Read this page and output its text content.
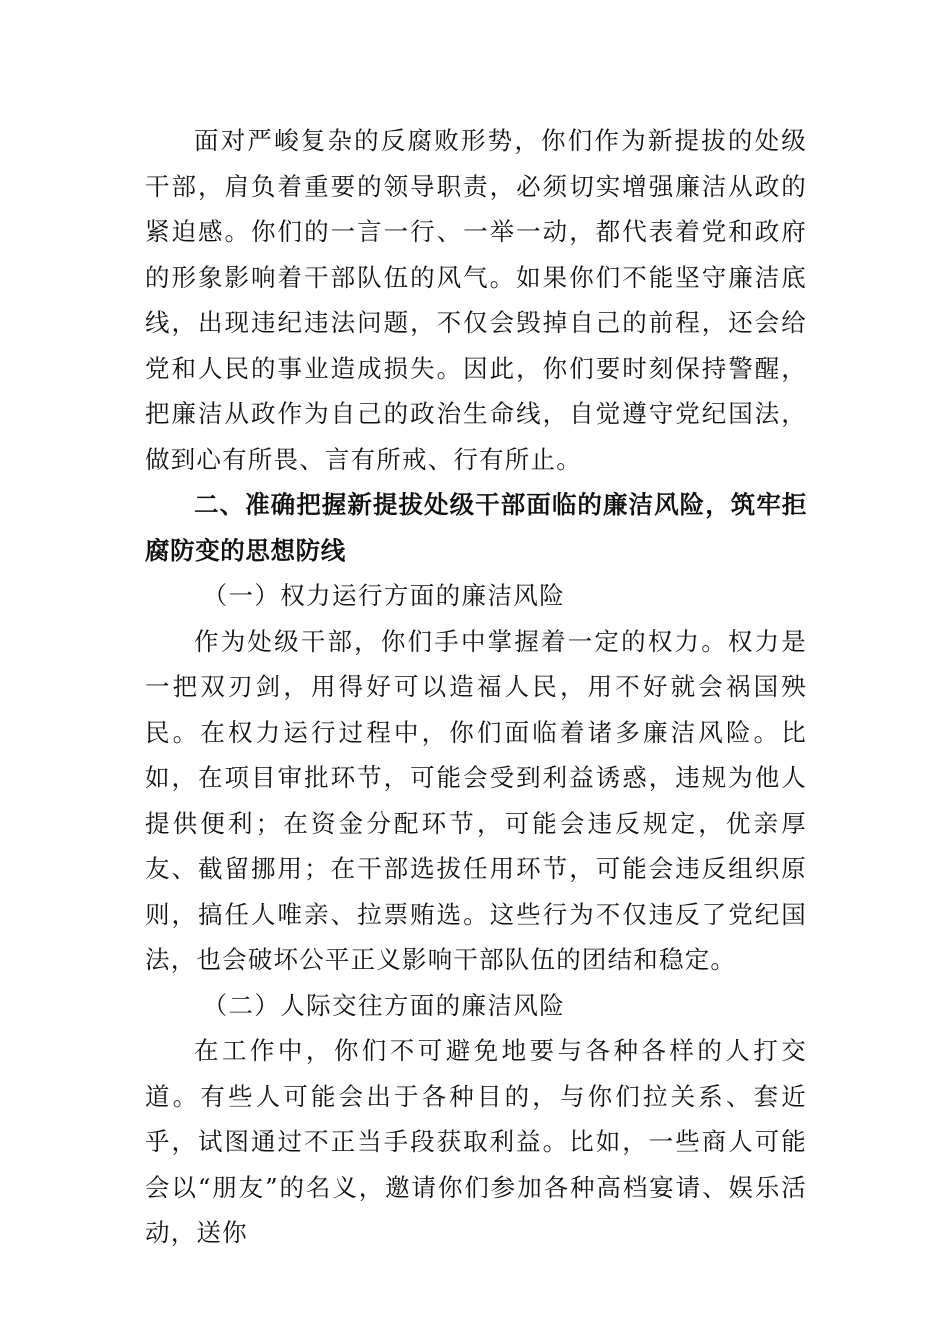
面对严峻复杂的反腐败形势，你们作为新提拔的处级干部，肩负着重要的领导职责，必须切实增强廉洁从政的紧迫感。你们的一言一行、一举一动，都代表着党和政府的形象影响着干部队伍的风气。如果你们不能坚守廉洁底线，出现违纪违法问题，不仅会毁掉自己的前程，还会给党和人民的事业造成损失。因此，你们要时刻保持警醒，把廉洁从政作为自己的政治生命线，自觉遵守党纪国法，做到心有所畏、言有所戒、行有所止。

二、准确把握新提拔处级干部面临的廉洁风险，筑牢拒腐防变的思想防线

（一）权力运行方面的廉洁风险

作为处级干部，你们手中掌握着一定的权力。权力是一把双刃剑，用得好可以造福人民，用不好就会祸国殃民。在权力运行过程中，你们面临着诸多廉洁风险。比如，在项目审批环节，可能会受到利益诱惑，违规为他人提供便利；在资金分配环节，可能会违反规定，优亲厚友、截留挪用；在干部选拔任用环节，可能会违反组织原则，搞任人唯亲、拉票贿选。这些行为不仅违反了党纪国法，也会破坏公平正义影响干部队伍的团结和稳定。

（二）人际交往方面的廉洁风险

在工作中，你们不可避免地要与各种各样的人打交道。有些人可能会出于各种目的，与你们拉关系、套近乎，试图通过不正当手段获取利益。比如，一些商人可能会以“朋友”的名义，邀请你们参加各种高档宴请、娱乐活动，送你
